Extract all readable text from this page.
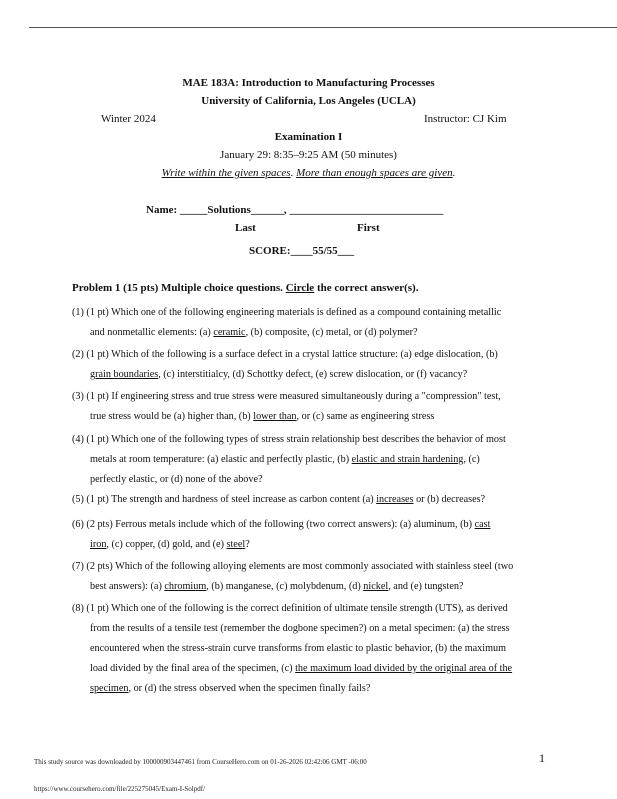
MAE 183A: Introduction to Manufacturing Processes
University of California, Los Angeles (UCLA)
Winter 2024	Instructor: CJ Kim
Examination I
January 29: 8:35–9:25 AM (50 minutes)
Write within the given spaces. More than enough spaces are given.
Name: _____Solutions______, ____________________________
Last	First
SCORE:____55/55___
Problem 1 (15 pts) Multiple choice questions. Circle the correct answer(s).
(1) (1 pt) Which one of the following engineering materials is defined as a compound containing metallic
and nonmetallic elements: (a) ceramic, (b) composite, (c) metal, or (d) polymer?
(2) (1 pt) Which of the following is a surface defect in a crystal lattice structure: (a) edge dislocation, (b)
grain boundaries, (c) interstitialcy, (d) Schottky defect, (e) screw dislocation, or (f) vacancy?
(3) (1 pt) If engineering stress and true stress were measured simultaneously during a "compression" test,
true stress would be (a) higher than, (b) lower than, or (c) same as engineering stress
(4) (1 pt) Which one of the following types of stress strain relationship best describes the behavior of most
metals at room temperature: (a) elastic and perfectly plastic, (b) elastic and strain hardening, (c)
perfectly elastic, or (d) none of the above?
(5) (1 pt) The strength and hardness of steel increase as carbon content (a) increases or (b) decreases?
(6) (2 pts) Ferrous metals include which of the following (two correct answers): (a) aluminum, (b) cast
iron, (c) copper, (d) gold, and (e) steel?
(7) (2 pts) Which of the following alloying elements are most commonly associated with stainless steel (two
best answers): (a) chromium, (b) manganese, (c) molybdenum, (d) nickel, and (e) tungsten?
(8) (1 pt) Which one of the following is the correct definition of ultimate tensile strength (UTS), as derived
from the results of a tensile test (remember the dogbone specimen?) on a metal specimen: (a) the stress
encountered when the stress-strain curve transforms from elastic to plastic behavior, (b) the maximum
load divided by the final area of the specimen, (c) the maximum load divided by the original area of the
specimen, or (d) the stress observed when the specimen finally fails?
1
This study source was downloaded by 100000903447461 from CourseHero.com on 01-26-2026 02:42:06 GMT -06:00
https://www.coursehero.com/file/225275045/Exam-I-Solpdf/
